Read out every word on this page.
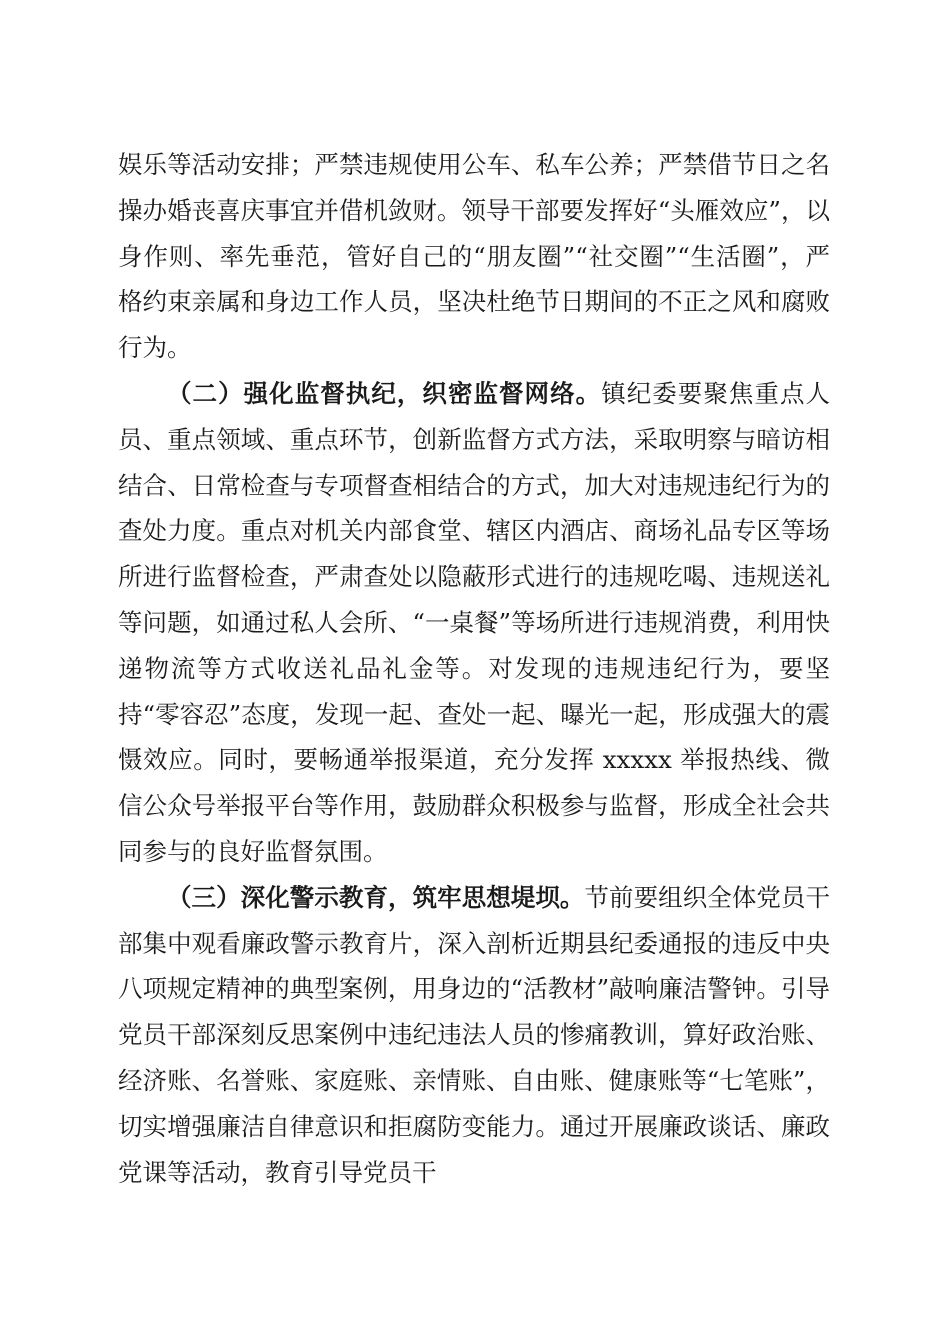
娱乐等活动安排；严禁违规使用公车、私车公养；严禁借节日之名操办婚丧喜庆事宜并借机敛财。领导干部要发挥好“头雁效应”，以身作则、率先垂范，管好自己的“朋友圈”“社交圈”“生活圈”，严格约束亲属和身边工作人员，坚决杜绝节日期间的不正之风和腐败行为。

（二）强化监督执纪，织密监督网络。镇纪委要聚焦重点人员、重点领域、重点环节，创新监督方式方法，采取明察与暗访相结合、日常检查与专项督查相结合的方式，加大对违规违纪行为的查处力度。重点对机关内部食堂、辖区内酒店、商场礼品专区等场所进行监督检查，严肃查处以隐蔽形式进行的违规吃喝、违规送礼等问题，如通过私人会所、“一桌餐”等场所进行违规消费，利用快递物流等方式收送礼品礼金等。对发现的违规违纪行为，要坚持“零容忍”态度，发现一起、查处一起、曝光一起，形成强大的震慑效应。同时，要畅通举报渠道，充分发挥 xxxxx 举报热线、微信公众号举报平台等作用，鼓励群众积极参与监督，形成全社会共同参与的良好监督氛围。

（三）深化警示教育，筑牢思想堤坝。节前要组织全体党员干部集中观看廉政警示教育片，深入剖析近期县纪委通报的违反中央八项规定精神的典型案例，用身边的“活教材”敲响廉洁警钟。引导党员干部深刻反思案例中违纪违法人员的惨痛教训，算好政治账、经济账、名誉账、家庭账、亲情账、自由账、健康账等“七笔账”，切实增强廉洁自律意识和拒腐防变能力。通过开展廉政谈话、廉政党课等活动，教育引导党员干
